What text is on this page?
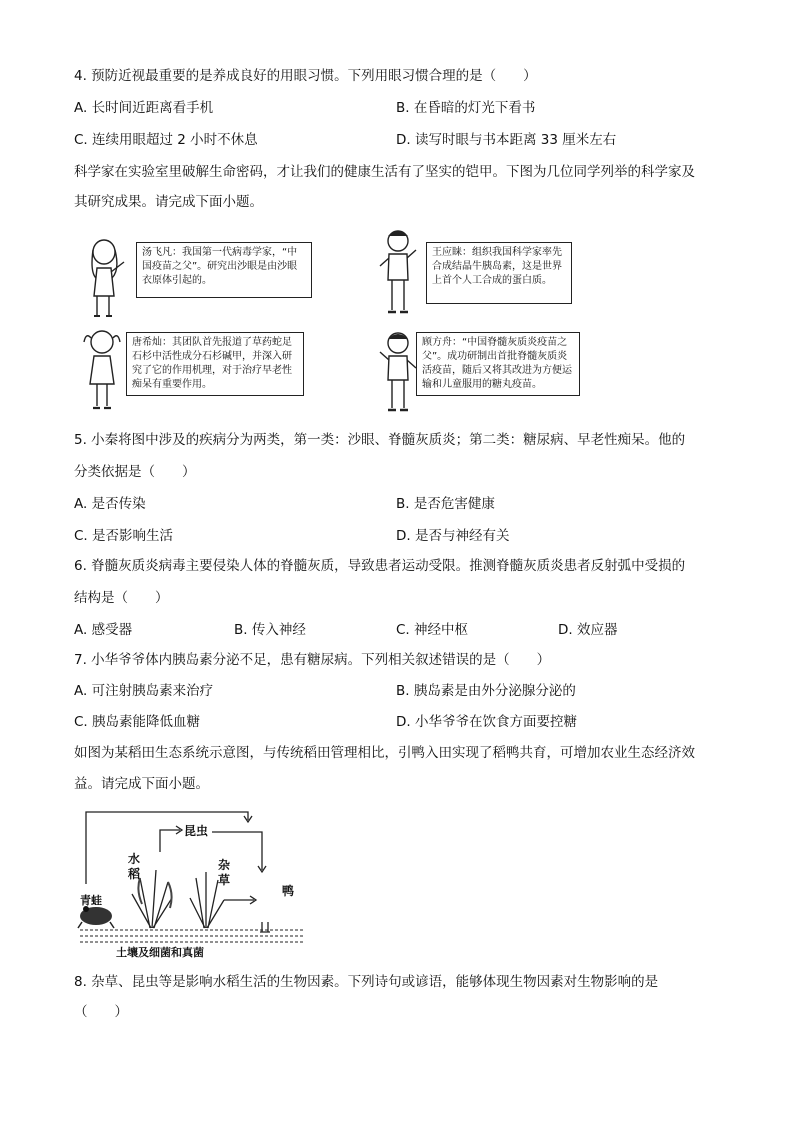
4. 预防近视最重要的是养成良好的用眼习惯。下列用眼习惯合理的是（　　）
A. 长时间近距离看手机	B. 在昏暗的灯光下看书
C. 连续用眼超过 2 小时不休息	D. 读写时眼与书本距离 33 厘米左右
科学家在实验室里破解生命密码，才让我们的健康生活有了坚实的铠甲。下图为几位同学列举的科学家及
其研究成果。请完成下面小题。
汤飞凡：我国第一代病毒学家，“中国疫苗之父”。研究出沙眼是由沙眼衣原体引起的。
王应睐：组织我国科学家率先合成结晶牛胰岛素，这是世界上首个人工合成的蛋白质。
唐希灿：其团队首先报道了草药蛇足石杉中活性成分石杉碱甲，并深入研究了它的作用机理，对于治疗早老性痴呆有重要作用。
顾方舟：“中国脊髓灰质炎疫苗之父”。成功研制出首批脊髓灰质炎活疫苗，随后又将其改进为方便运输和儿童服用的糖丸疫苗。
5. 小秦将图中涉及的疾病分为两类，第一类：沙眼、脊髓灰质炎；第二类：糖尿病、早老性痴呆。他的
分类依据是（　　）
A. 是否传染	B. 是否危害健康
C. 是否影响生活	D. 是否与神经有关
6. 脊髓灰质炎病毒主要侵染人体的脊髓灰质，导致患者运动受限。推测脊髓灰质炎患者反射弧中受损的
结构是（　　）
A. 感受器	B. 传入神经	C. 神经中枢	D. 效应器
7. 小华爷爷体内胰岛素分泌不足，患有糖尿病。下列相关叙述错误的是（　　）
A. 可注射胰岛素来治疗	B. 胰岛素是由外分泌腺分泌的
C. 胰岛素能降低血糖	D. 小华爷爷在饮食方面要控糖
如图为某稻田生态系统示意图，与传统稻田管理相比，引鸭入田实现了稻鸭共育，可增加农业生态经济效
益。请完成下面小题。
昆虫
水稻
杂草
鸭
青蛙
土壤及细菌和真菌
8. 杂草、昆虫等是影响水稻生活的生物因素。下列诗句或谚语，能够体现生物因素对生物影响的是
（　　）
